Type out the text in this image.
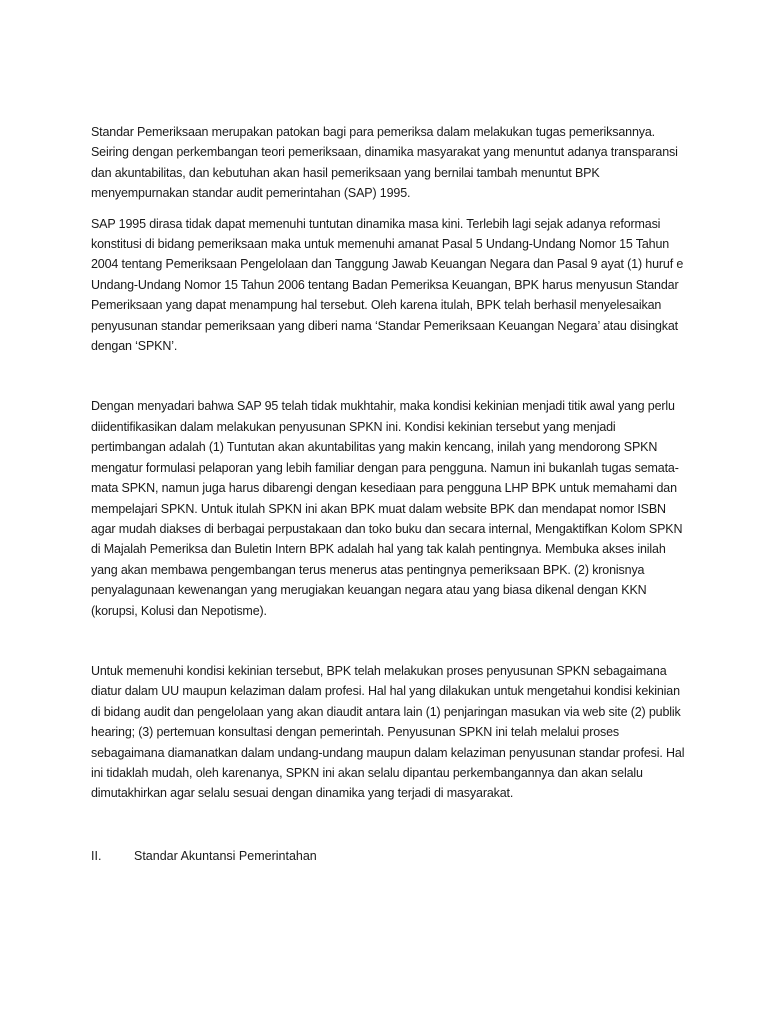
Standar Pemeriksaan merupakan patokan bagi para pemeriksa dalam melakukan tugas pemeriksannya. Seiring dengan perkembangan teori pemeriksaan, dinamika masyarakat yang menuntut adanya transparansi dan akuntabilitas, dan kebutuhan akan hasil pemeriksaan yang bernilai tambah menuntut BPK menyempurnakan standar audit pemerintahan (SAP) 1995.

SAP 1995 dirasa tidak dapat memenuhi tuntutan dinamika masa kini. Terlebih lagi sejak adanya reformasi konstitusi di bidang pemeriksaan maka untuk memenuhi amanat Pasal 5 Undang-Undang Nomor 15 Tahun 2004 tentang Pemeriksaan Pengelolaan dan Tanggung Jawab Keuangan Negara dan Pasal 9 ayat (1) huruf e Undang-Undang Nomor 15 Tahun 2006 tentang Badan Pemeriksa Keuangan, BPK harus menyusun Standar Pemeriksaan yang dapat menampung hal tersebut. Oleh karena itulah, BPK telah berhasil menyelesaikan penyusunan standar pemeriksaan yang diberi nama ‘Standar Pemeriksaan Keuangan Negara’ atau disingkat dengan ‘SPKN’.

Dengan menyadari bahwa SAP 95 telah tidak mukhtahir, maka kondisi kekinian menjadi titik awal yang perlu diidentifikasikan dalam melakukan penyusunan SPKN ini. Kondisi kekinian tersebut yang menjadi pertimbangan adalah (1) Tuntutan akan akuntabilitas yang makin kencang, inilah yang mendorong SPKN mengatur formulasi pelaporan yang lebih familiar dengan para pengguna. Namun ini bukanlah tugas semata-mata SPKN, namun juga harus dibarengi dengan kesediaan para pengguna LHP BPK untuk memahami dan mempelajari SPKN. Untuk itulah SPKN ini akan BPK muat dalam website BPK dan mendapat nomor ISBN agar mudah diakses di berbagai perpustakaan dan toko buku dan secara internal, Mengaktifkan Kolom SPKN di Majalah Pemeriksa dan Buletin Intern BPK adalah hal yang tak kalah pentingnya. Membuka akses inilah yang akan membawa pengembangan terus menerus atas pentingnya pemeriksaan BPK. (2) kronisnya penyalagunaan kewenangan yang merugiakan keuangan negara atau yang biasa dikenal dengan KKN (korupsi, Kolusi dan Nepotisme).

Untuk memenuhi kondisi kekinian tersebut, BPK telah melakukan proses penyusunan SPKN sebagaimana diatur dalam UU maupun kelaziman dalam profesi. Hal hal yang dilakukan untuk mengetahui kondisi kekinian di bidang audit dan pengelolaan yang akan diaudit antara lain (1) penjaringan masukan via web site (2) publik hearing; (3) pertemuan konsultasi dengan pemerintah. Penyusunan SPKN ini telah melalui proses sebagaimana diamanatkan dalam undang-undang maupun dalam kelaziman penyusunan standar profesi. Hal ini tidaklah mudah, oleh karenanya, SPKN ini akan selalu dipantau perkembangannya dan akan selalu dimutakhirkan agar selalu sesuai dengan dinamika yang terjadi di masyarakat.

II.	Standar Akuntansi Pemerintahan
